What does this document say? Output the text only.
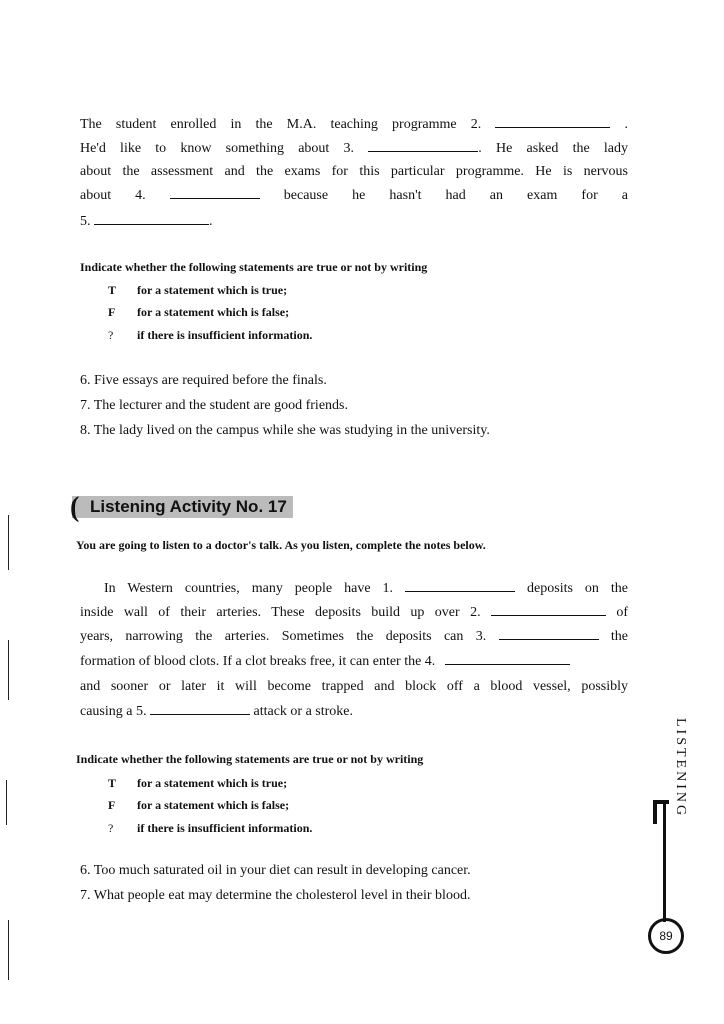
The student enrolled in the M.A. teaching programme 2.	.
He'd like to know something about 3.	. He asked the lady
about the assessment and the exams for this particular programme. He is nervous
about 4.	because he hasn't had an exam for a
5.	.
Indicate whether the following statements are true or not by writing
T for a statement which is true;
F for a statement which is false;
? if there is insufficient information.
6. Five essays are required before the finals.
7. The lecturer and the student are good friends.
8. The lady lived on the campus while she was studying in the university.
( Listening Activity No. 17
You are going to listen to a doctor's talk. As you listen, complete the notes below.
In Western countries, many people have 1.	deposits on the
inside wall of their arteries. These deposits build up over 2.	of
years, narrowing the arteries. Sometimes the deposits can 3.	the
formation of blood clots. If a clot breaks free, it can enter the 4.
and sooner or later it will become trapped and block off a blood vessel, possibly
causing a 5.	attack or a stroke.
Indicate whether the following statements are true or not by writing
T for a statement which is true;
F for a statement which is false;
? if there is insufficient information.
6. Too much saturated oil in your diet can result in developing cancer.
7. What people eat may determine the cholesterol level in their blood.
LISTENING
89
